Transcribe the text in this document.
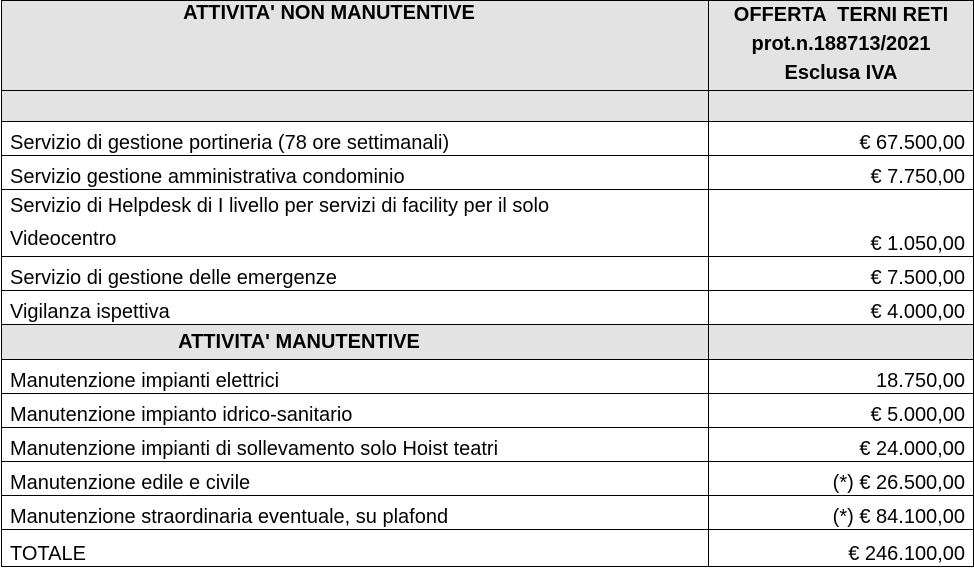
ATTIVITA' NON MANUTENTIVE	OFFERTA  TERNI RETI
prot.n.188713/2021
Esclusa IVA

Servizio di gestione portineria (78 ore settimanali)	€ 67.500,00
Servizio gestione amministrativa condominio	€ 7.750,00

Servizio di Helpdesk di I livello per servizi di facility per il solo
Videocentro	€ 1.050,00
Servizio di gestione delle emergenze	€ 7.500,00
Vigilanza ispettiva	€ 4.000,00
ATTIVITA' MANUTENTIVE	
Manutenzione impianti elettrici	18.750,00
Manutenzione impianto idrico-sanitario	€ 5.000,00
Manutenzione impianti di sollevamento solo Hoist teatri	€ 24.000,00
Manutenzione edile e civile	(*) € 26.500,00
Manutenzione straordinaria eventuale, su plafond	(*) € 84.100,00
TOTALE	€ 246.100,00
